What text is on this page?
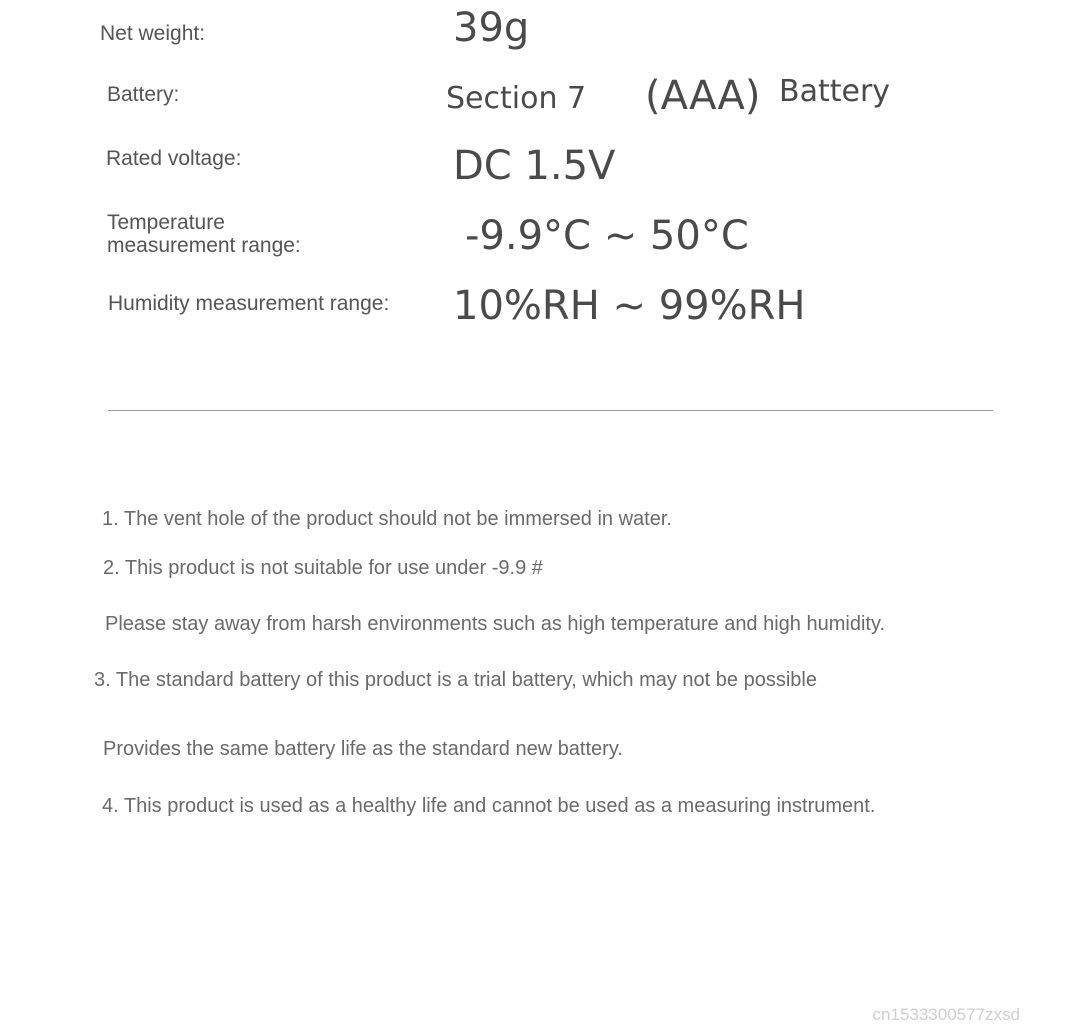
Net weight:	39g
Battery:	Section 7 (AAA) Battery
Rated voltage:	DC 1.5V
Temperature
measurement range:	-9.9°C ~ 50°C
Humidity measurement range: 10%RH ~ 99%RH
1. The vent hole of the product should not be immersed in water.
2. This product is not suitable for use under -9.9 #
Please stay away from harsh environments such as high temperature and high humidity.
3. The standard battery of this product is a trial battery, which may not be possible
Provides the same battery life as the standard new battery.
4. This product is used as a healthy life and cannot be used as a measuring instrument.
cn1533300577zxsd
